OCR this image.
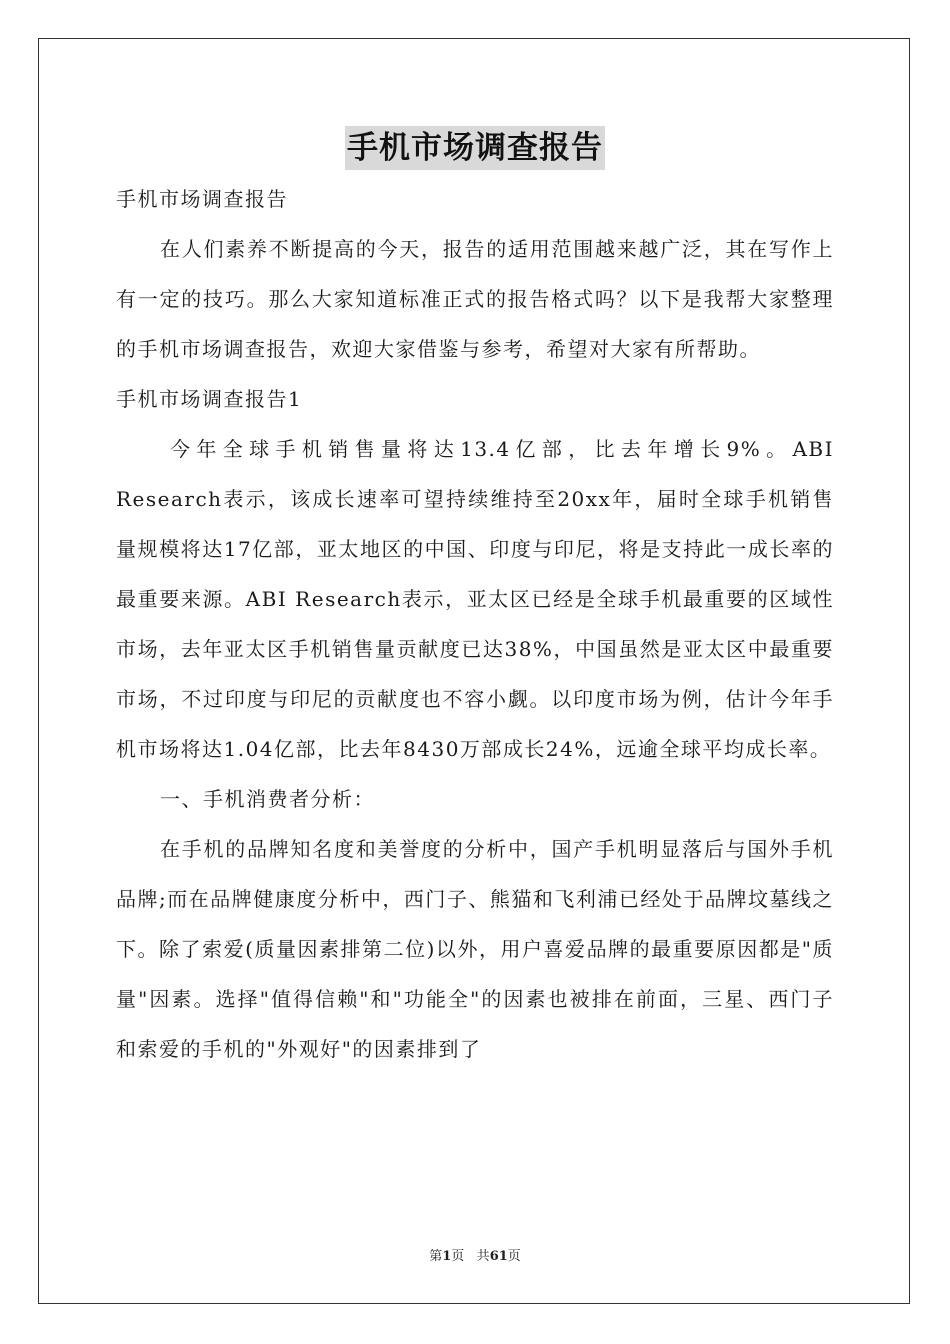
手机市场调查报告

手机市场调查报告

在人们素养不断提高的今天，报告的适用范围越来越广泛，其在写作上有一定的技巧。那么大家知道标准正式的报告格式吗？以下是我帮大家整理的手机市场调查报告，欢迎大家借鉴与参考，希望对大家有所帮助。

手机市场调查报告1

今年全球手机销售量将达13.4亿部，比去年增长9%。ABI Research表示，该成长速率可望持续维持至20xx年，届时全球手机销售量规模将达17亿部，亚太地区的中国、印度与印尼，将是支持此一成长率的最重要来源。ABI Research表示，亚太区已经是全球手机最重要的区域性市场，去年亚太区手机销售量贡献度已达38%，中国虽然是亚太区中最重要市场，不过印度与印尼的贡献度也不容小觑。以印度市场为例，估计今年手机市场将达1.04亿部，比去年8430万部成长24%，远逾全球平均成长率。

一、手机消费者分析：

在手机的品牌知名度和美誉度的分析中，国产手机明显落后与国外手机品牌;而在品牌健康度分析中，西门子、熊猫和飞利浦已经处于品牌坟墓线之下。除了索爱(质量因素排第二位)以外，用户喜爱品牌的最重要原因都是"质量"因素。选择"值得信赖"和"功能全"的因素也被排在前面，三星、西门子和索爱的手机的"外观好"的因素排到了

第1页 共61页
